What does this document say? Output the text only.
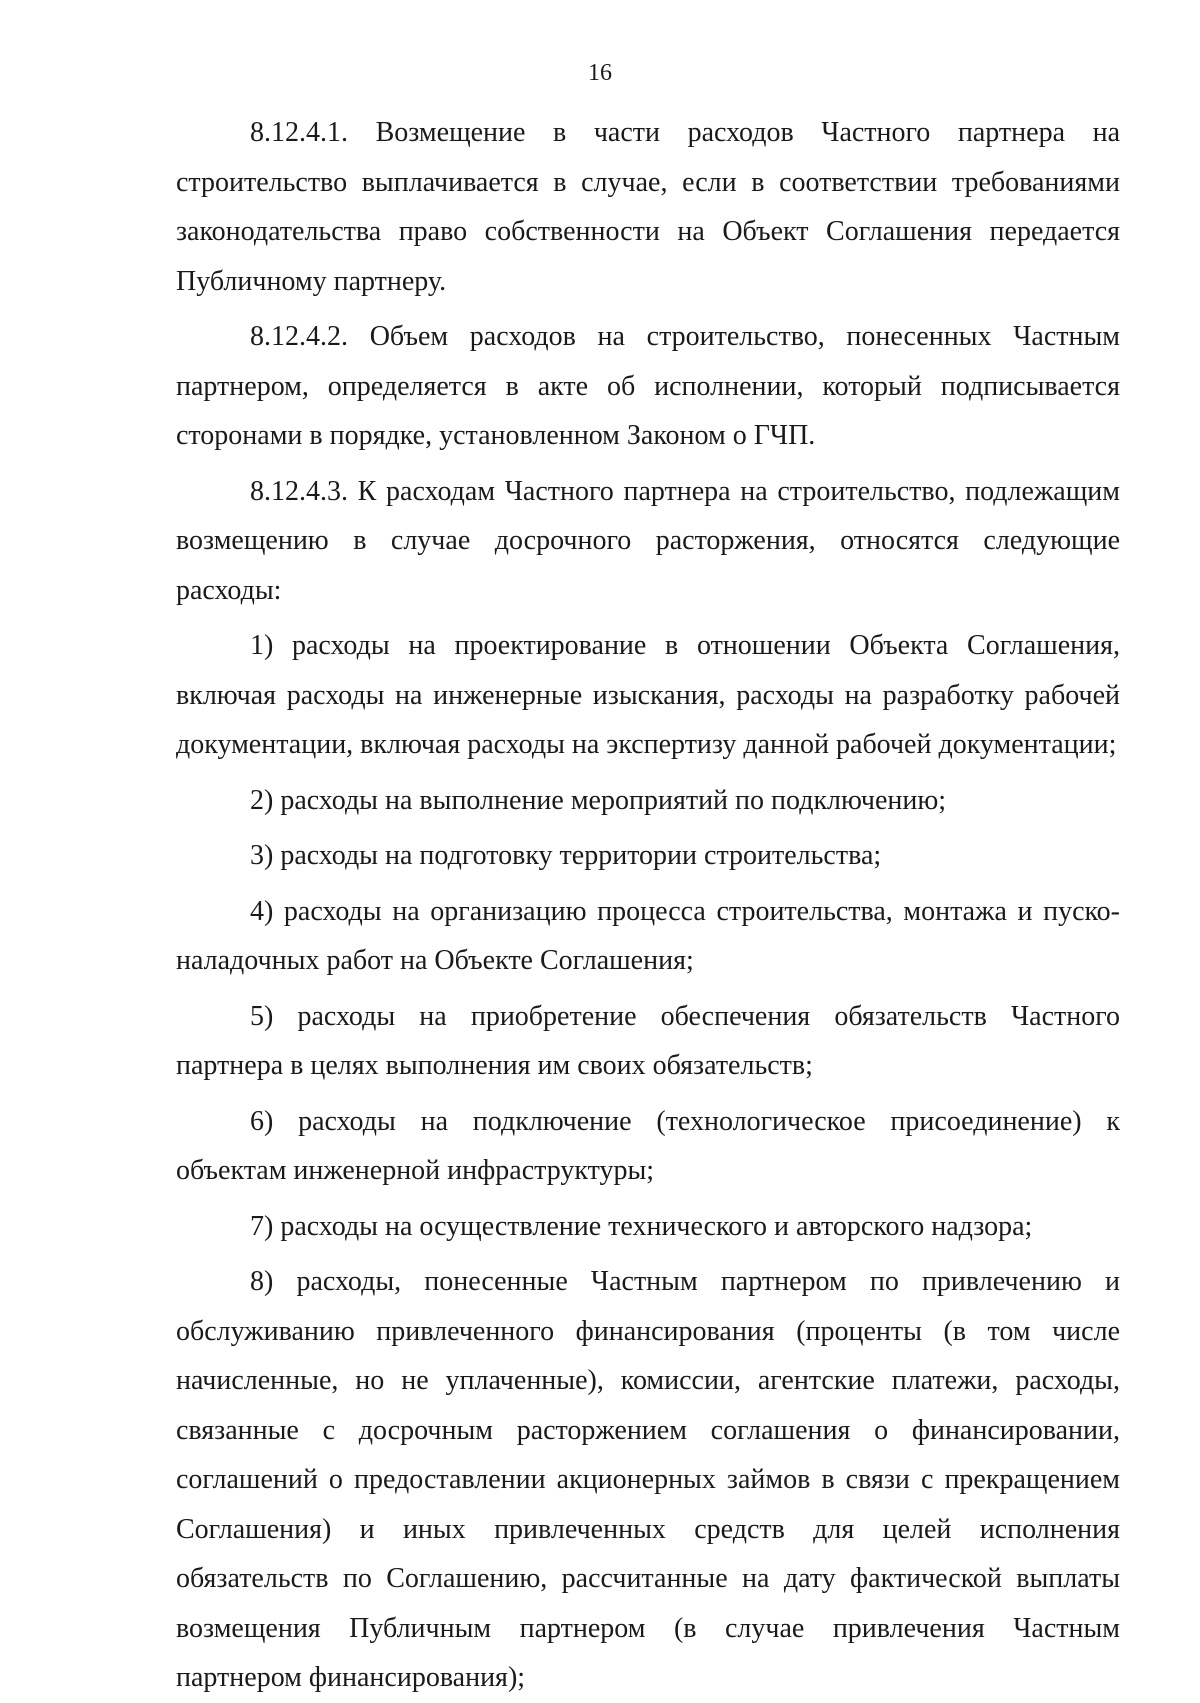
16

8.12.4.1. Возмещение в части расходов Частного партнера на строительство выплачивается в случае, если в соответствии требованиями законодательства право собственности на Объект Соглашения передается Публичному партнеру.

8.12.4.2. Объем расходов на строительство, понесенных Частным партнером, определяется в акте об исполнении, который подписывается сторонами в порядке, установленном Законом о ГЧП.

8.12.4.3. К расходам Частного партнера на строительство, подлежащим возмещению в случае досрочного расторжения, относятся следующие расходы:

1) расходы на проектирование в отношении Объекта Соглашения, включая расходы на инженерные изыскания, расходы на разработку рабочей документации, включая расходы на экспертизу данной рабочей документации;

2) расходы на выполнение мероприятий по подключению;

3) расходы на подготовку территории строительства;

4) расходы на организацию процесса строительства, монтажа и пуско-наладочных работ на Объекте Соглашения;

5) расходы на приобретение обеспечения обязательств Частного партнера в целях выполнения им своих обязательств;

6) расходы на подключение (технологическое присоединение) к объектам инженерной инфраструктуры;

7) расходы на осуществление технического и авторского надзора;

8) расходы, понесенные Частным партнером по привлечению и обслуживанию привлеченного финансирования (проценты (в том числе начисленные, но не уплаченные), комиссии, агентские платежи, расходы, связанные с досрочным расторжением соглашения о финансировании, соглашений о предоставлении акционерных займов в связи с прекращением Соглашения) и иных привлеченных средств для целей исполнения обязательств по Соглашению, рассчитанные на дату фактической выплаты возмещения Публичным партнером (в случае привлечения Частным партнером финансирования);
